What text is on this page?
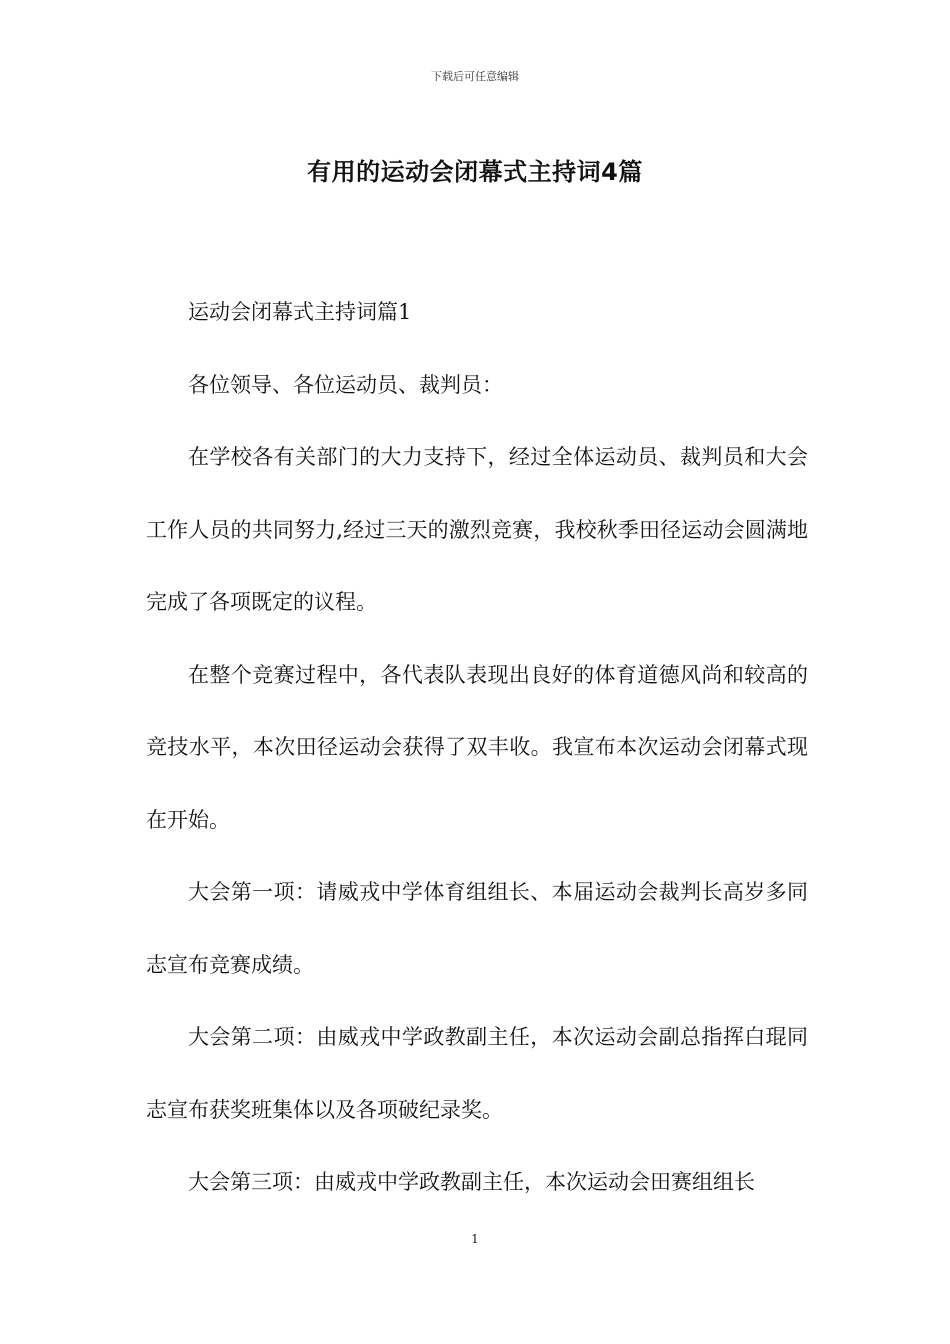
下载后可任意编辑
有用的运动会闭幕式主持词4篇

运动会闭幕式主持词篇1

各位领导、各位运动员、裁判员：

在学校各有关部门的大力支持下，经过全体运动员、裁判员和大会工作人员的共同努力,经过三天的激烈竞赛，我校秋季田径运动会圆满地完成了各项既定的议程。

在整个竞赛过程中，各代表队表现出良好的体育道德风尚和较高的竞技水平，本次田径运动会获得了双丰收。我宣布本次运动会闭幕式现在开始。

大会第一项：请威戎中学体育组组长、本届运动会裁判长高岁多同志宣布竞赛成绩。

大会第二项：由威戎中学政教副主任，本次运动会副总指挥白琨同志宣布获奖班集体以及各项破纪录奖。

大会第三项：由威戎中学政教副主任，本次运动会田赛组组长

1
